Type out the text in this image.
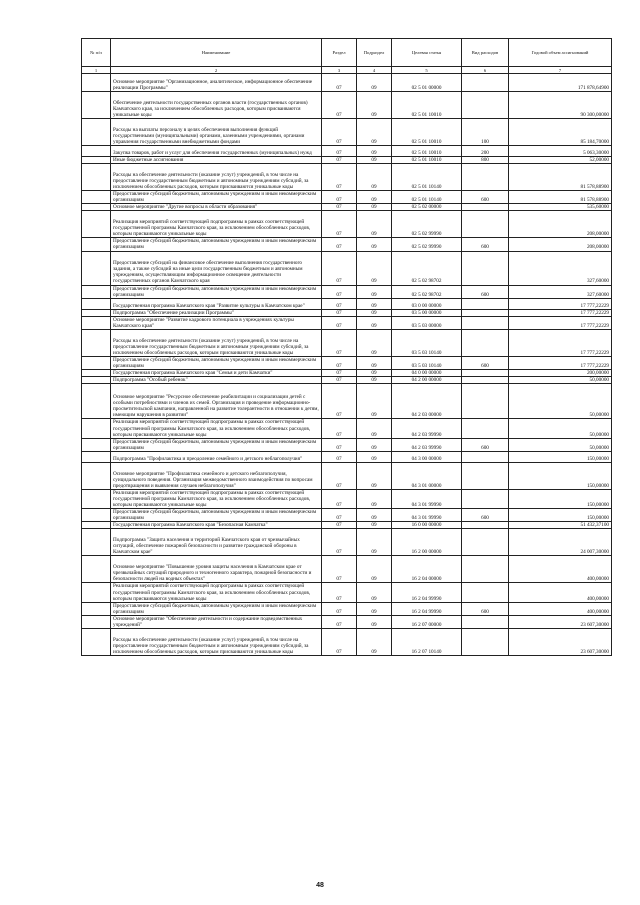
№ п/п	Наименование	Раздел	Подраздел	Целевая статья	Вид расходов	Годовой объем ассигнований
1	2	3	4	5	6	7
	Основное мероприятие "Организационное, аналитическое, информационное обеспечение реализации Программы"	07	09	02 5 01 00000		171 878,64900
	Обеспечение деятельности государственных органов власти (государственных органов) Камчатского края, за исключением обособленных расходов, которым присваиваются уникальные коды	07	09	02 5 01 10010		90 300,00000
	Расходы на выплаты персоналу в целях обеспечения выполнения функций государственными (муниципальными) органами, казенными учреждениями, органами управления государственными внебюджетными фондами	07	09	02 5 01 10010	100	85 184,70000
	Закупка товаров, работ и услуг для обеспечения государственных (муниципальных) нужд	07	09	02 5 01 10010	200	5 063,30000
	Иные бюджетные ассигнования	07	09	02 5 01 10010	800	52,00000
	Расходы на обеспечение деятельности (оказание услуг) учреждений, в том числе на предоставление государственным бюджетным и автономным учреждениям субсидий, за исключением обособленных расходов, которым присваиваются уникальные коды	07	09	02 5 01 10140		81 578,88900
	Предоставление субсидий бюджетным, автономным учреждениям и иным некоммерческим организациям	07	09	02 5 01 10140	600	81 578,88900
	Основное мероприятие "Другие вопросы в области образования"	07	09	02 5 02 00000		535,60000
	Реализация мероприятий соответствующей подпрограммы в рамках соответствующей государственной программы Камчатского края, за исключением обособленных расходов, которым присваиваются уникальные коды	07	09	02 5 02 99990		208,00000
	Предоставление субсидий бюджетным, автономным учреждениям и иным некоммерческим организациям	07	09	02 5 02 99990	600	208,00000
	Предоставление субсидий на финансовое обеспечение выполнения государственного задания, а также субсидий на иные цели государственным бюджетным и автономным учреждениям, осуществляющим информационное освещение деятельности государственных органов Камчатского края	07	09	02 5 02 98702		327,60000
	Предоставление субсидий бюджетным, автономным учреждениям и иным некоммерческим организациям	07	09	02 5 02 98702	600	327,60000
	Государственная программа Камчатского края "Развитие культуры в Камчатском крае"	07	09	03 0 00 00000		17 777,22229
	Подпрограмма "Обеспечение реализации Программы"	07	09	03 5 00 00000		17 777,22229
	Основное мероприятие "Развитие кадрового потенциала в учреждениях культуры Камчатского края"	07	09	03 5 03 00000		17 777,22229
	Расходы на обеспечение деятельности (оказание услуг) учреждений, в том числе на предоставление государственным бюджетным и автономным учреждениям субсидий, за исключением обособленных расходов, которым присваиваются уникальные коды	07	09	03 5 03 10140		17 777,22229
	Предоставление субсидий бюджетным, автономным учреждениям и иным некоммерческим организациям	07	09	03 5 03 10140	600	17 777,22229
	Государственная программа Камчатского края "Семья и дети Камчатки"	07	09	04 0 00 00000		200,00000
	Подпрограмма "Особый ребенок"	07	09	04 2 00 00000		50,00000
	Основное мероприятие "Ресурсное обеспечение реабилитации и социализации детей с особыми потребностями и членов их семей. Организация и проведение информационно-просветительской кампании, направленной на развитие толерантности в отношении к детям, имеющим нарушения в развитии"	07	09	04 2 03 00000		50,00000
	Реализация мероприятий соответствующей подпрограммы в рамках соответствующей государственной программы Камчатского края, за исключением обособленных расходов, которым присваиваются уникальные коды	07	09	04 2 03 99990		50,00000
	Предоставление субсидий бюджетным, автономным учреждениям и иным некоммерческим организациям	07	09	04 2 03 99990	600	50,00000
	Подпрограмма "Профилактика и преодоление семейного и детского неблагополучия"	07	09	04 3 00 00000		150,00000
	Основное мероприятие "Профилактика семейного и детского неблагополучия, суицидального поведения. Организация межведомственного взаимодействия по вопросам предотвращения и выявления случаев неблагополучия"	07	09	04 3 01 00000		150,00000
	Реализация мероприятий соответствующей подпрограммы в рамках соответствующей государственной программы Камчатского края, за исключением обособленных расходов, которым присваиваются уникальные коды	07	09	04 3 01 99990		150,00000
	Предоставление субсидий бюджетным, автономным учреждениям и иным некоммерческим организациям	07	09	04 3 01 99990	600	150,00000
	Государственная программа Камчатского края "Безопасная Камчатка"	07	09	16 0 00 00000		51 432,37100
	Подпрограмма "Защита населения и территорий Камчатского края от чрезвычайных ситуаций, обеспечение пожарной безопасности и развитие гражданской обороны в Камчатском крае"	07	09	16 2 00 00000		24 007,30000
	Основное мероприятие "Повышение уровня защиты населения в Камчатском крае от чрезвычайных ситуаций природного и техногенного характера, пожарной безопасности и безопасности людей на водных объектах"	07	09	16 2 04 00000		400,00000
	Реализация мероприятий соответствующей подпрограммы в рамках соответствующей государственной программы Камчатского края, за исключением обособленных расходов, которым присваиваются уникальные коды	07	09	16 2 04 99990		400,00000
	Предоставление субсидий бюджетным, автономным учреждениям и иным некоммерческим организациям	07	09	16 2 04 99990	600	400,00000
	Основное мероприятие "Обеспечение деятельности и содержание подведомственных учреждений"	07	09	16 2 07 00000		23 607,30000
	Расходы на обеспечение деятельности (оказание услуг) учреждений, в том числе на предоставление государственным бюджетным и автономным учреждениям субсидий, за исключением обособленных расходов, которым присваиваются уникальные коды	07	09	16 2 07 10140		23 607,30000
48
